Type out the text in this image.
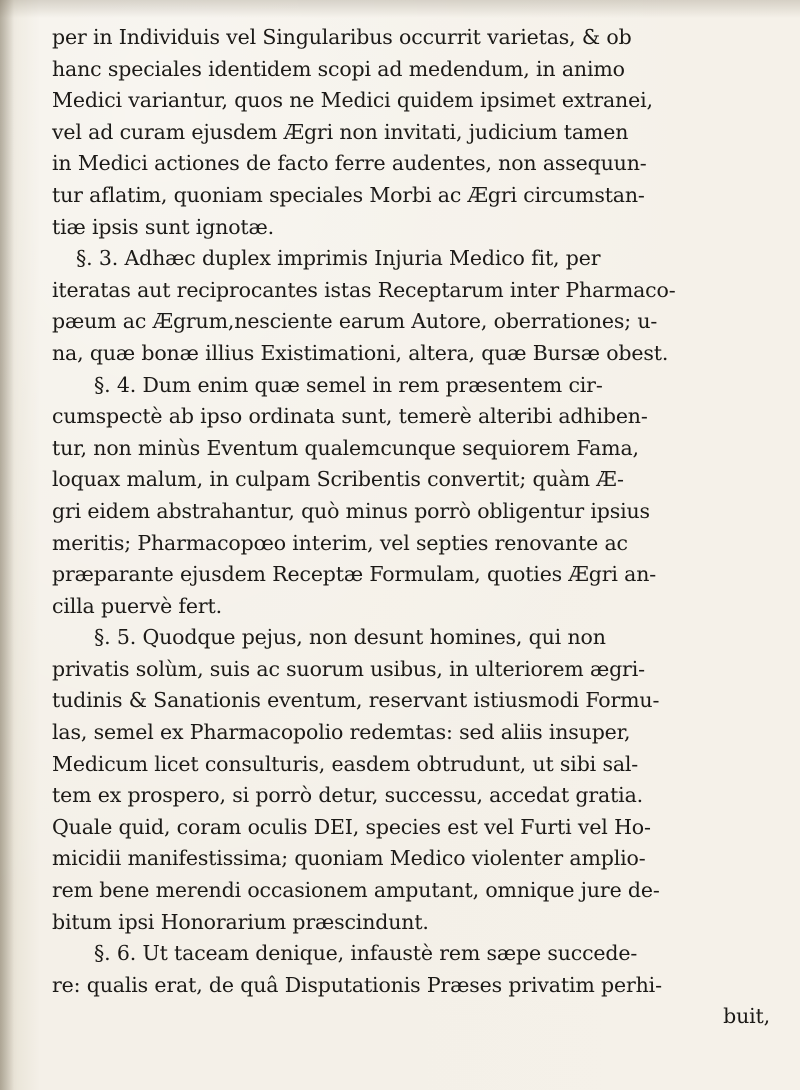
per in Individuis vel Singularibus occurrit varietas, & ob
hanc speciales identidem scopi ad medendum, in animo
Medici variantur, quos ne Medici quidem ipsimet extranei,
vel ad curam ejusdem Ægri non invitati, judicium tamen
in Medici actiones de facto ferre audentes, non assequun-
tur aflatim, quoniam speciales Morbi ac Ægri circumstan-
tiæ ipsis sunt ignotæ.
§. 3. Adhæc duplex imprimis Injuria Medico fit, per
iteratas aut reciprocantes istas Receptarum inter Pharmaco-
pæum ac Ægrum,nesciente earum Autore, oberrationes; u-
na, quæ bonæ illius Existimationi, altera, quæ Bursæ obest.
§. 4. Dum enim quæ semel in rem præsentem cir-
cumspectè ab ipso ordinata sunt, temerè alteribi adhiben-
tur, non minùs Eventum qualemcunque sequiorem Fama,
loquax malum, in culpam Scribentis convertit; quàm Æ-
gri eidem abstrahantur, quò minus porrò obligentur ipsius
meritis; Pharmacopœo interim, vel septies renovante ac
præparante ejusdem Receptæ Formulam, quoties Ægri an-
cilla puervè fert.
§. 5. Quodque pejus, non desunt homines, qui non
privatis solùm, suis ac suorum usibus, in ulteriorem ægri-
tudinis & Sanationis eventum, reservant istiusmodi Formu-
las, semel ex Pharmacopolio redemtas: sed aliis insuper,
Medicum licet consulturis, easdem obtrudunt, ut sibi sal-
tem ex prospero, si porrò detur, successu, accedat gratia.
Quale quid, coram oculis DEI, species est vel Furti vel Ho-
micidii manifestissima; quoniam Medico violenter amplio-
rem bene merendi occasionem amputant, omnique jure de-
bitum ipsi Honorarium præscindunt.
§. 6. Ut taceam denique, infaustè rem sæpe succede-
re: qualis erat, de quâ Disputationis Præses privatim perhi-
buit,
